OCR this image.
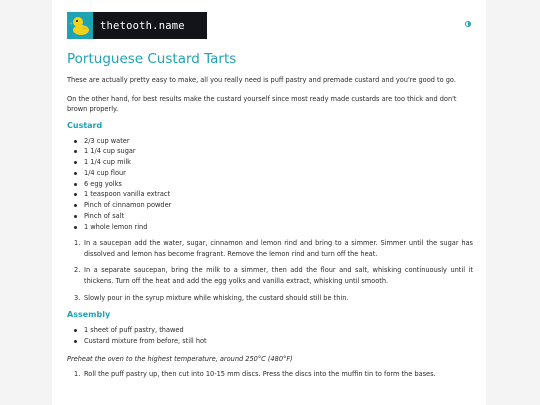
thetooth.name
Portuguese Custard Tarts

These are actually pretty easy to make, all you really need is puff pastry and premade custard and you're good to go.

On the other hand, for best results make the custard yourself since most ready made custards are too thick and don't brown properly.

Custard
2/3 cup water
1 1/4 cup sugar
1 1/4 cup milk
1/4 cup flour
6 egg yolks
1 teaspoon vanilla extract
Pinch of cinnamon powder
Pinch of salt
1 whole lemon rind
1. In a saucepan add the water, sugar, cinnamon and lemon rind and bring to a simmer. Simmer until the sugar has dissolved and lemon has become fragrant. Remove the lemon rind and turn off the heat.
2. In a separate saucepan, bring the milk to a simmer, then add the flour and salt, whisking continuously until it thickens. Turn off the heat and add the egg yolks and vanilla extract, whisking until smooth.
3. Slowly pour in the syrup mixture while whisking, the custard should still be thin.
Assembly
1 sheet of puff pastry, thawed
Custard mixture from before, still hot

Preheat the oven to the highest temperature, around 250°C (480°F)

1. Roll the puff pastry up, then cut into 10-15 mm discs. Press the discs into the muffin tin to form the bases.
